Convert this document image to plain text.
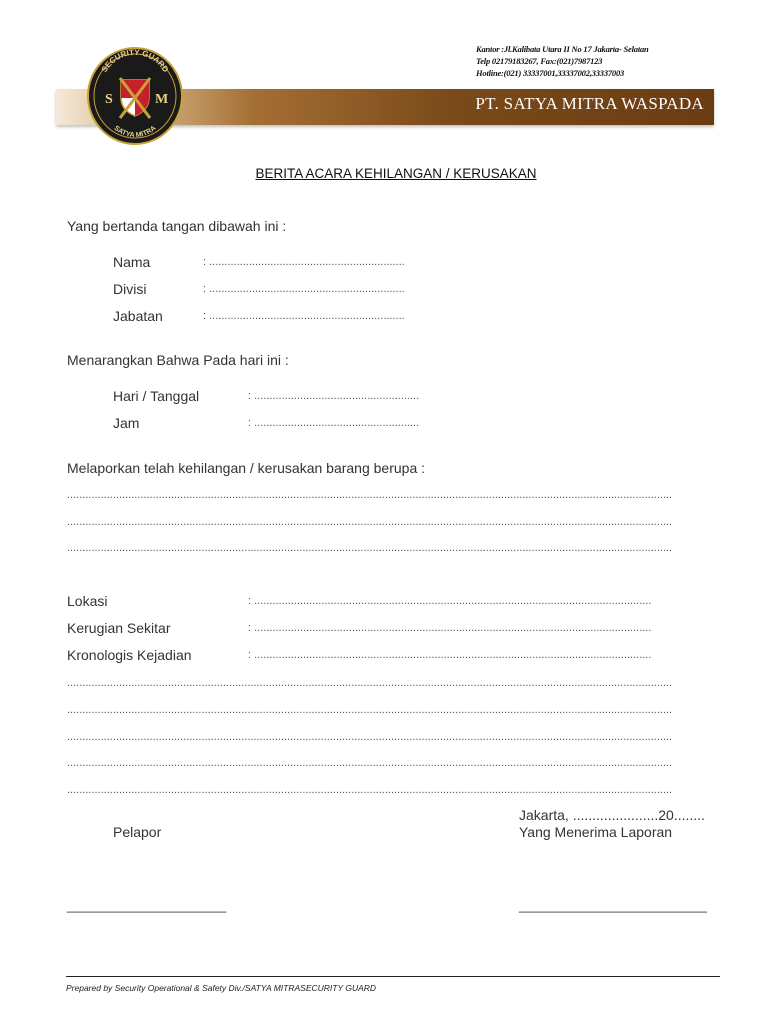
PT. SATYA MITRA WASPADA
Kantor :Jl.Kalibata Utara II No 17 Jakarta- Selatan
Telp 02179183267, Fax:(021)7987123
Hotline:(021) 33337001,33337002,33337003
SECURITY GUARD
SATYA MITRA
S	M
BERITA ACARA KEHILANGAN / KERUSAKAN
Yang bertanda tangan dibawah ini :
Nama	: ................................................................
Divisi	: ................................................................
Jabatan	: ................................................................
Menarangkan Bahwa Pada hari ini :
Hari / Tanggal	: ......................................................
Jam	: ......................................................
Melaporkan telah kehilangan / kerusakan barang berupa :
......................................................................................................................................................................................................
......................................................................................................................................................................................................
......................................................................................................................................................................................................
Lokasi	: ..................................................................................................................................
Kerugian Sekitar	: ..................................................................................................................................
Kronologis Kejadian	: ..................................................................................................................................
......................................................................................................................................................................................................
......................................................................................................................................................................................................
......................................................................................................................................................................................................
......................................................................................................................................................................................................
......................................................................................................................................................................................................
Jakarta, ......................20........
Pelapor	Yang Menerima Laporan
______________________	__________________________
Prepared by Security Operational & Safety Div./SATYA MITRASECURITY GUARD
